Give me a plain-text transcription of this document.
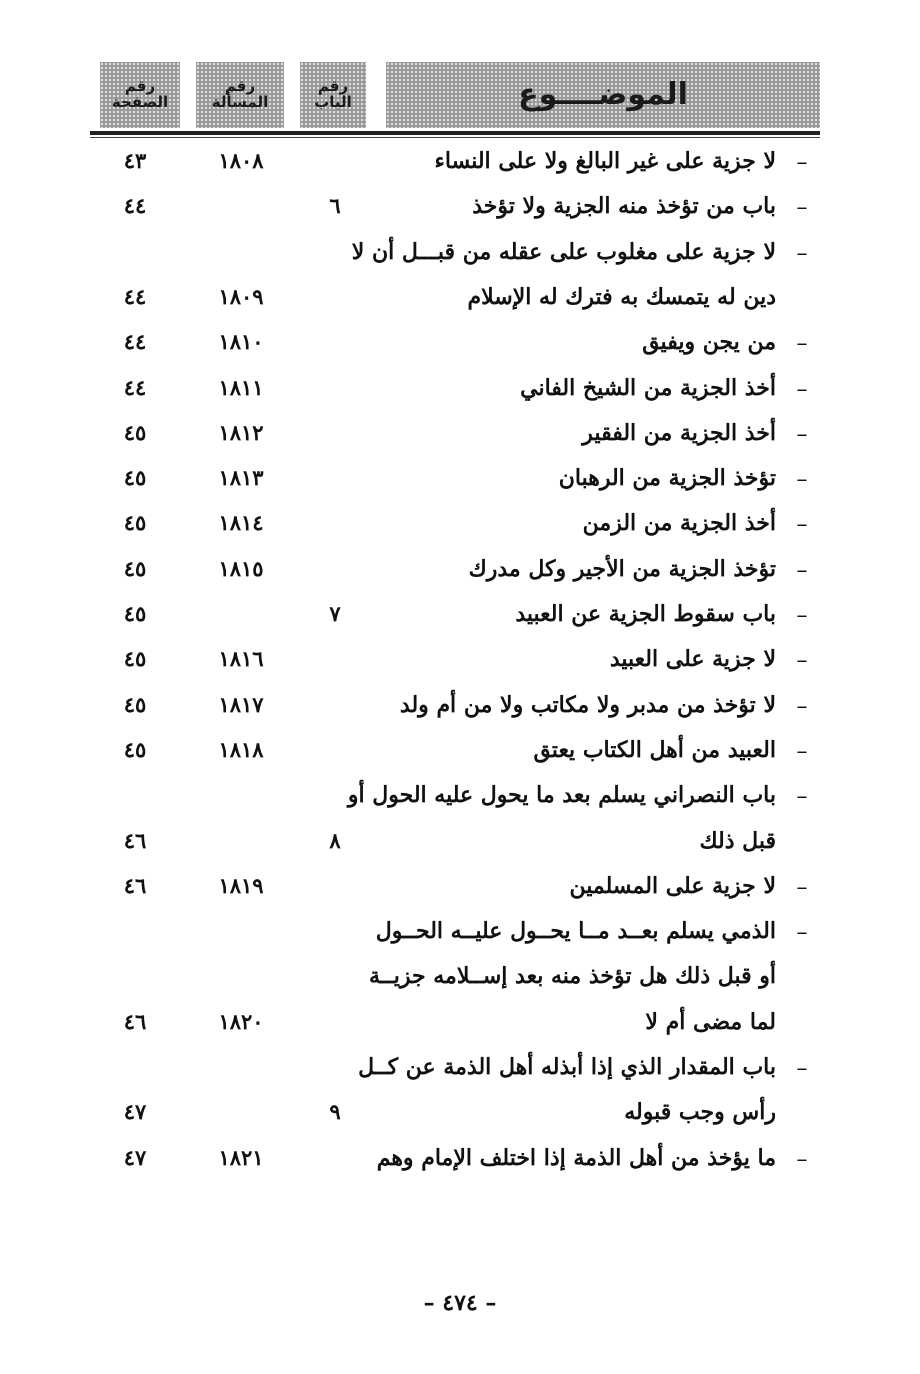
الموضــــوع
رقم
الباب
رقم
المسألة
رقم
الصفحة
–
لا جزية على غير البالغ ولا على النساء
١٨٠٨
٤٣
–
باب من تؤخذ منه الجزية ولا تؤخذ
٦
٤٤
–
لا جزية على مغلوب على عقله من قبـــل أن لا
دين له يتمسك به فترك له الإسلام
١٨٠٩
٤٤
–
من يجن ويفيق
١٨١٠
٤٤
–
أخذ الجزية من الشيخ الفاني
١٨١١
٤٤
–
أخذ الجزية من الفقير
١٨١٢
٤٥
–
تؤخذ الجزية من الرهبان
١٨١٣
٤٥
–
أخذ الجزية من الزمن
١٨١٤
٤٥
–
تؤخذ الجزية من الأجير وكل مدرك
١٨١٥
٤٥
–
باب سقوط الجزية عن العبيد
٧
٤٥
–
لا جزية على العبيد
١٨١٦
٤٥
–
لا تؤخذ من مدبر ولا مكاتب ولا من أم ولد
١٨١٧
٤٥
–
العبيد من أهل الكتاب يعتق
١٨١٨
٤٥
–
باب النصراني يسلم بعد ما يحول عليه الحول أو
قبل ذلك
٨
٤٦
–
لا جزية على المسلمين
١٨١٩
٤٦
–
الذمي يسلم بعــد مــا يحــول عليــه الحــول
أو قبل ذلك هل تؤخذ منه بعد إســلامه جزيــة
لما مضى أم لا
١٨٢٠
٤٦
–
باب المقدار الذي إذا أبذله أهل الذمة عن كــل
رأس وجب قبوله
٩
٤٧
–
ما يؤخذ من أهل الذمة إذا اختلف الإمام وهم
١٨٢١
٤٧
– ٤٧٤ –
